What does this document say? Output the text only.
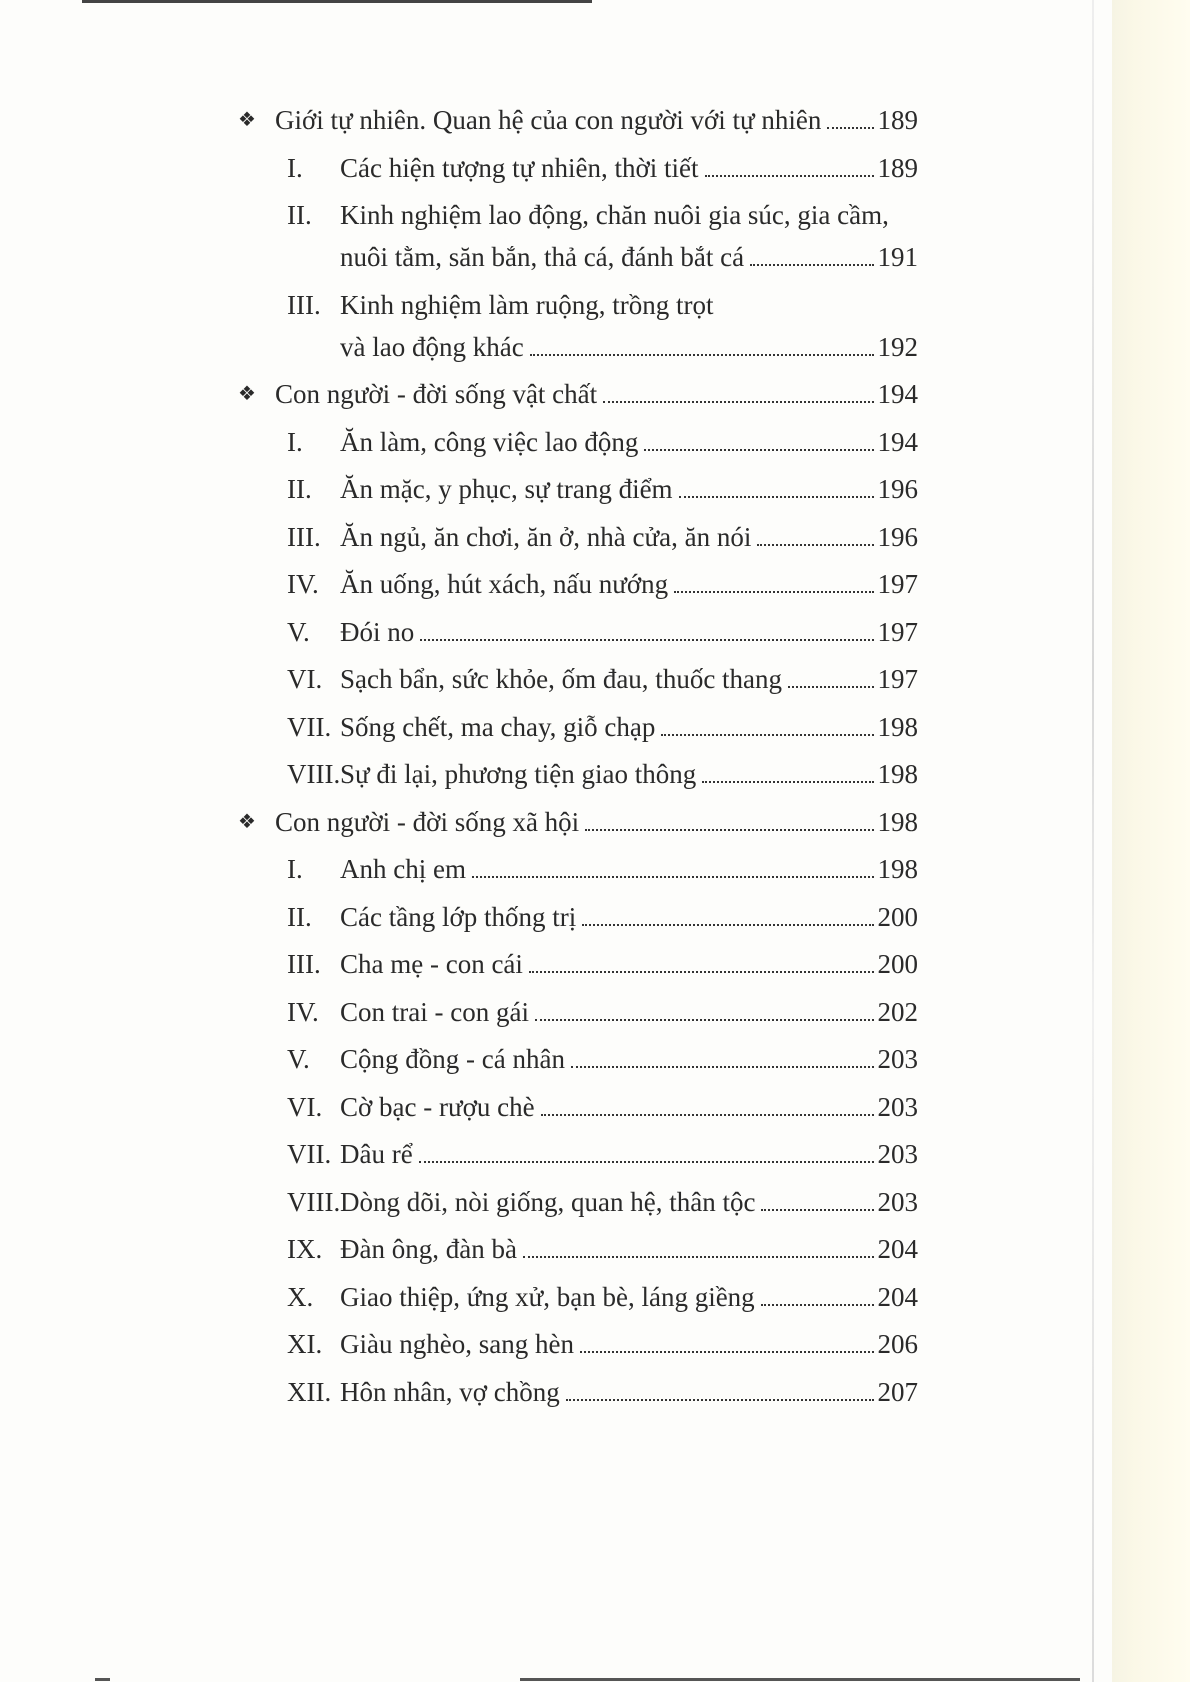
❖ Giới tự nhiên. Quan hệ của con người với tự nhiên 189
I. Các hiện tượng tự nhiên, thời tiết	189
II. Kinh nghiệm lao động, chăn nuôi gia súc, gia cầm,
nuôi tằm, săn bắn, thả cá, đánh bắt cá	191
III. Kinh nghiệm làm ruộng, trồng trọt
và lao động khác	192
❖ Con người - đời sống vật chất	194
I. Ăn làm, công việc lao động	194
II. Ăn mặc, y phục, sự trang điểm	196
III. Ăn ngủ, ăn chơi, ăn ở, nhà cửa, ăn nói	196
IV. Ăn uống, hút xách, nấu nướng	197
V. Đói no	197
VI. Sạch bẩn, sức khỏe, ốm đau, thuốc thang	197
VII. Sống chết, ma chay, giỗ chạp	198
VIII. Sự đi lại, phương tiện giao thông	198
❖ Con người - đời sống xã hội	198
I. Anh chị em	198
II. Các tầng lớp thống trị	200
III. Cha mẹ - con cái	200
IV. Con trai - con gái	202
V. Cộng đồng - cá nhân	203
VI. Cờ bạc - rượu chè	203
VII. Dâu rể	203
VIII. Dòng dõi, nòi giống, quan hệ, thân tộc	203
IX. Đàn ông, đàn bà	204
X. Giao thiệp, ứng xử, bạn bè, láng giềng	204
XI. Giàu nghèo, sang hèn	206
XII. Hôn nhân, vợ chồng	207
